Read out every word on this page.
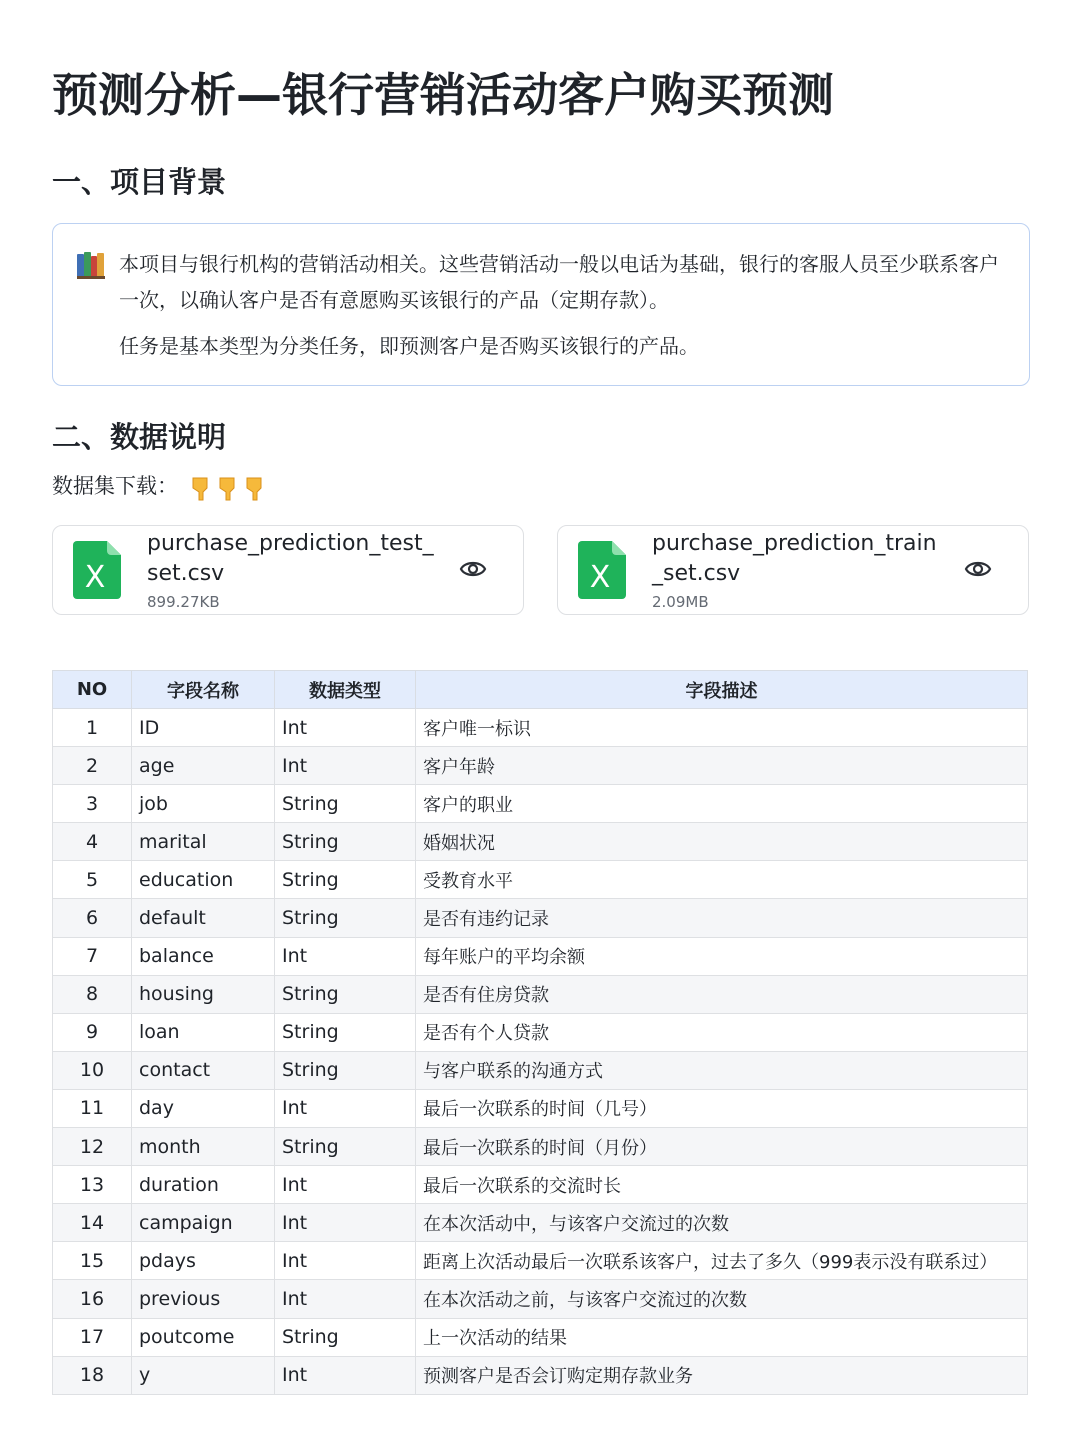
预测分析—银行营销活动客户购买预测
一、项目背景

本项目与银行机构的营销活动相关。这些营销活动一般以电话为基础，银行的客服人员至少联系客户一次，以确认客户是否有意愿购买该银行的产品（定期存款）。

任务是基本类型为分类任务，即预测客户是否购买该银行的产品。

二、数据说明
数据集下载：
X
purchase_prediction_test_set.csv
899.27KB
X
purchase_prediction_train_set.csv
2.09MB
NO	字段名称	数据类型	字段描述
1	ID	Int	客户唯一标识
2	age	Int	客户年龄
3	job	String	客户的职业
4	marital	String	婚姻状况
5	education	String	受教育水平
6	default	String	是否有违约记录
7	balance	Int	每年账户的平均余额
8	housing	String	是否有住房贷款
9	loan	String	是否有个人贷款
10	contact	String	与客户联系的沟通方式
11	day	Int	最后一次联系的时间（几号）
12	month	String	最后一次联系的时间（月份）
13	duration	Int	最后一次联系的交流时长
14	campaign	Int	在本次活动中，与该客户交流过的次数
15	pdays	Int	距离上次活动最后一次联系该客户，过去了多久（999表示没有联系过）
16	previous	Int	在本次活动之前，与该客户交流过的次数
17	poutcome	String	上一次活动的结果
18	y	Int	预测客户是否会订购定期存款业务
